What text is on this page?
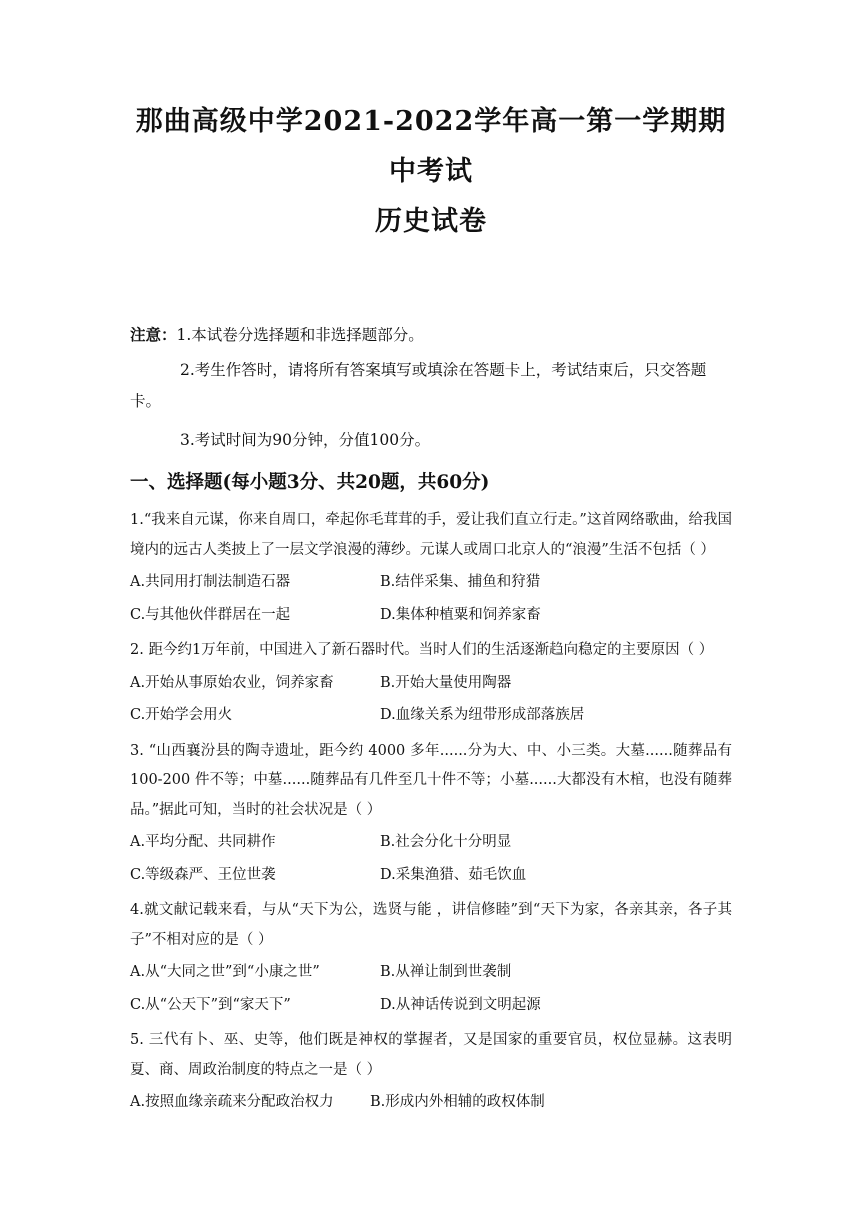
那曲高级中学2021-2022学年高一第一学期期中考试
历史试卷

注意：1.本试卷分选择题和非选择题部分。

2.考生作答时，请将所有答案填写或填涂在答题卡上，考试结束后，只交答题卡。

3.考试时间为90分钟，分值100分。

一、选择题(每小题3分、共20题，共60分)

1.“我来自元谋，你来自周口，牵起你毛茸茸的手，爱让我们直立行走。”这首网络歌曲，给我国境内的远古人类披上了一层文学浪漫的薄纱。元谋人或周口北京人的“浪漫”生活不包括（ ）

A.共同用打制法制造石器	B.结伴采集、捕鱼和狩猎
C.与其他伙伴群居在一起	D.集体种植粟和饲养家畜

2. 距今约1万年前，中国进入了新石器时代。当时人们的生活逐渐趋向稳定的主要原因（ ）

A.开始从事原始农业，饲养家畜	B.开始大量使用陶器
C.开始学会用火	D.血缘关系为纽带形成部落族居

3. “山西襄汾县的陶寺遗址，距今约 4000 多年......分为大、中、小三类。大墓......随葬品有 100-200 件不等；中墓......随葬品有几件至几十件不等；小墓......大都没有木棺，也没有随葬品。”据此可知，当时的社会状况是（ ）

A.平均分配、共同耕作	B.社会分化十分明显
C.等级森严、王位世袭	D.采集渔猎、茹毛饮血

4.就文献记载来看，与从“天下为公，选贤与能 ，讲信修睦”到“天下为家，各亲其亲，各子其子”不相对应的是（ ）

A.从“大同之世”到“小康之世”	B.从禅让制到世袭制
C.从“公天下”到“家天下”	D.从神话传说到文明起源

5. 三代有卜、巫、史等，他们既是神权的掌握者，又是国家的重要官员，权位显赫。这表明夏、商、周政治制度的特点之一是（ ）

A.按照血缘亲疏来分配政治权力	B.形成内外相辅的政权体制
